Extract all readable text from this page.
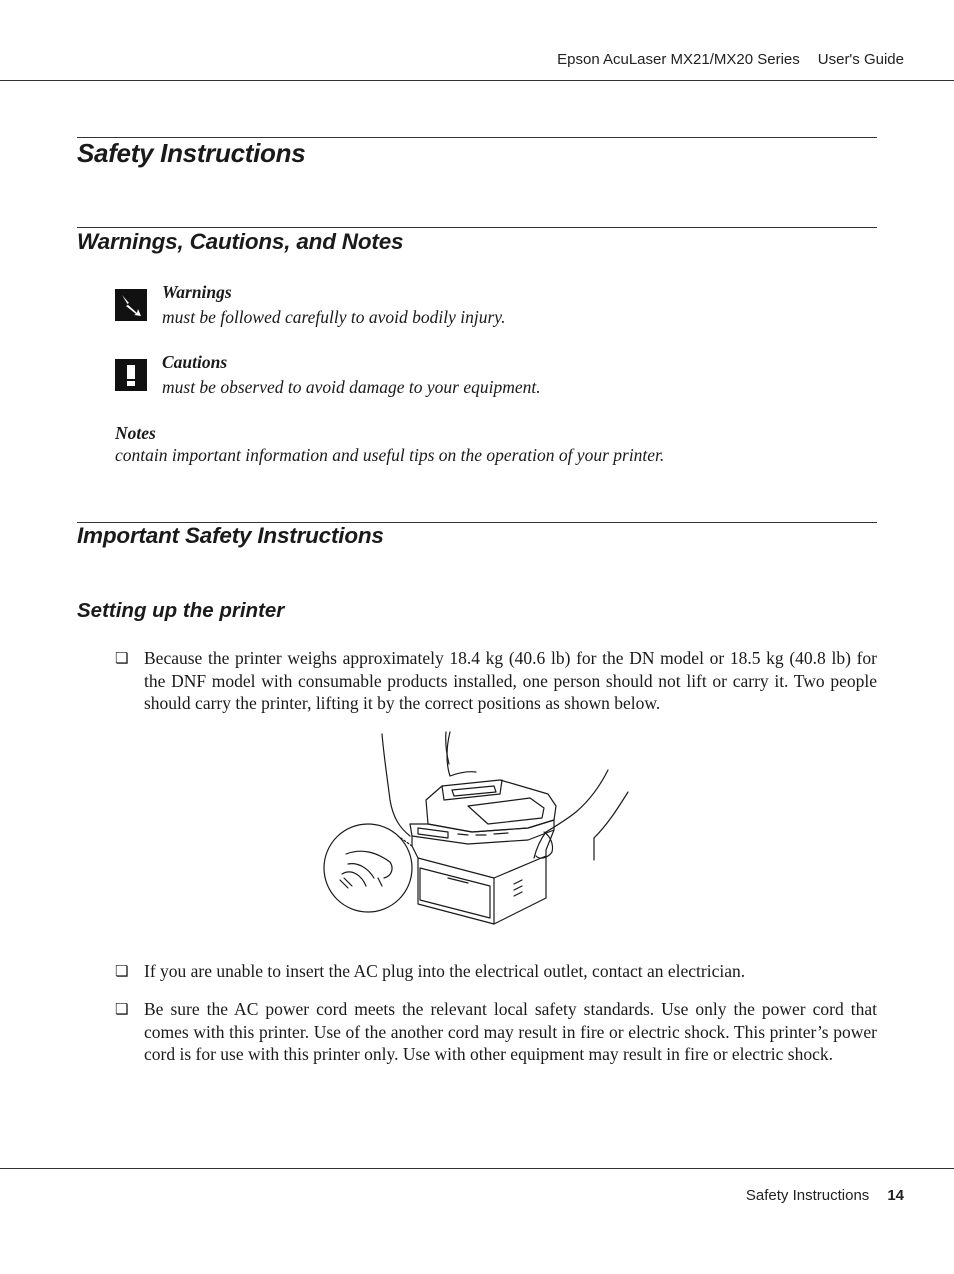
Epson AcuLaser MX21/MX20 Series User's Guide
Safety Instructions
Warnings, Cautions, and Notes
Warnings
must be followed carefully to avoid bodily injury.
Cautions
must be observed to avoid damage to your equipment.
Notes
contain important information and useful tips on the operation of your printer.
Important Safety Instructions
Setting up the printer
❏ Because the printer weighs approximately 18.4 kg (40.6 lb) for the DN model or 18.5 kg (40.8 lb) for the DNF model with consumable products installed, one person should not lift or carry it. Two people should carry the printer, lifting it by the correct positions as shown below.
❏ If you are unable to insert the AC plug into the electrical outlet, contact an electrician.
❏ Be sure the AC power cord meets the relevant local safety standards. Use only the power cord that comes with this printer. Use of the another cord may result in fire or electric shock. This printer’s power cord is for use with this printer only. Use with other equipment may result in fire or electric shock.
Safety Instructions 14
